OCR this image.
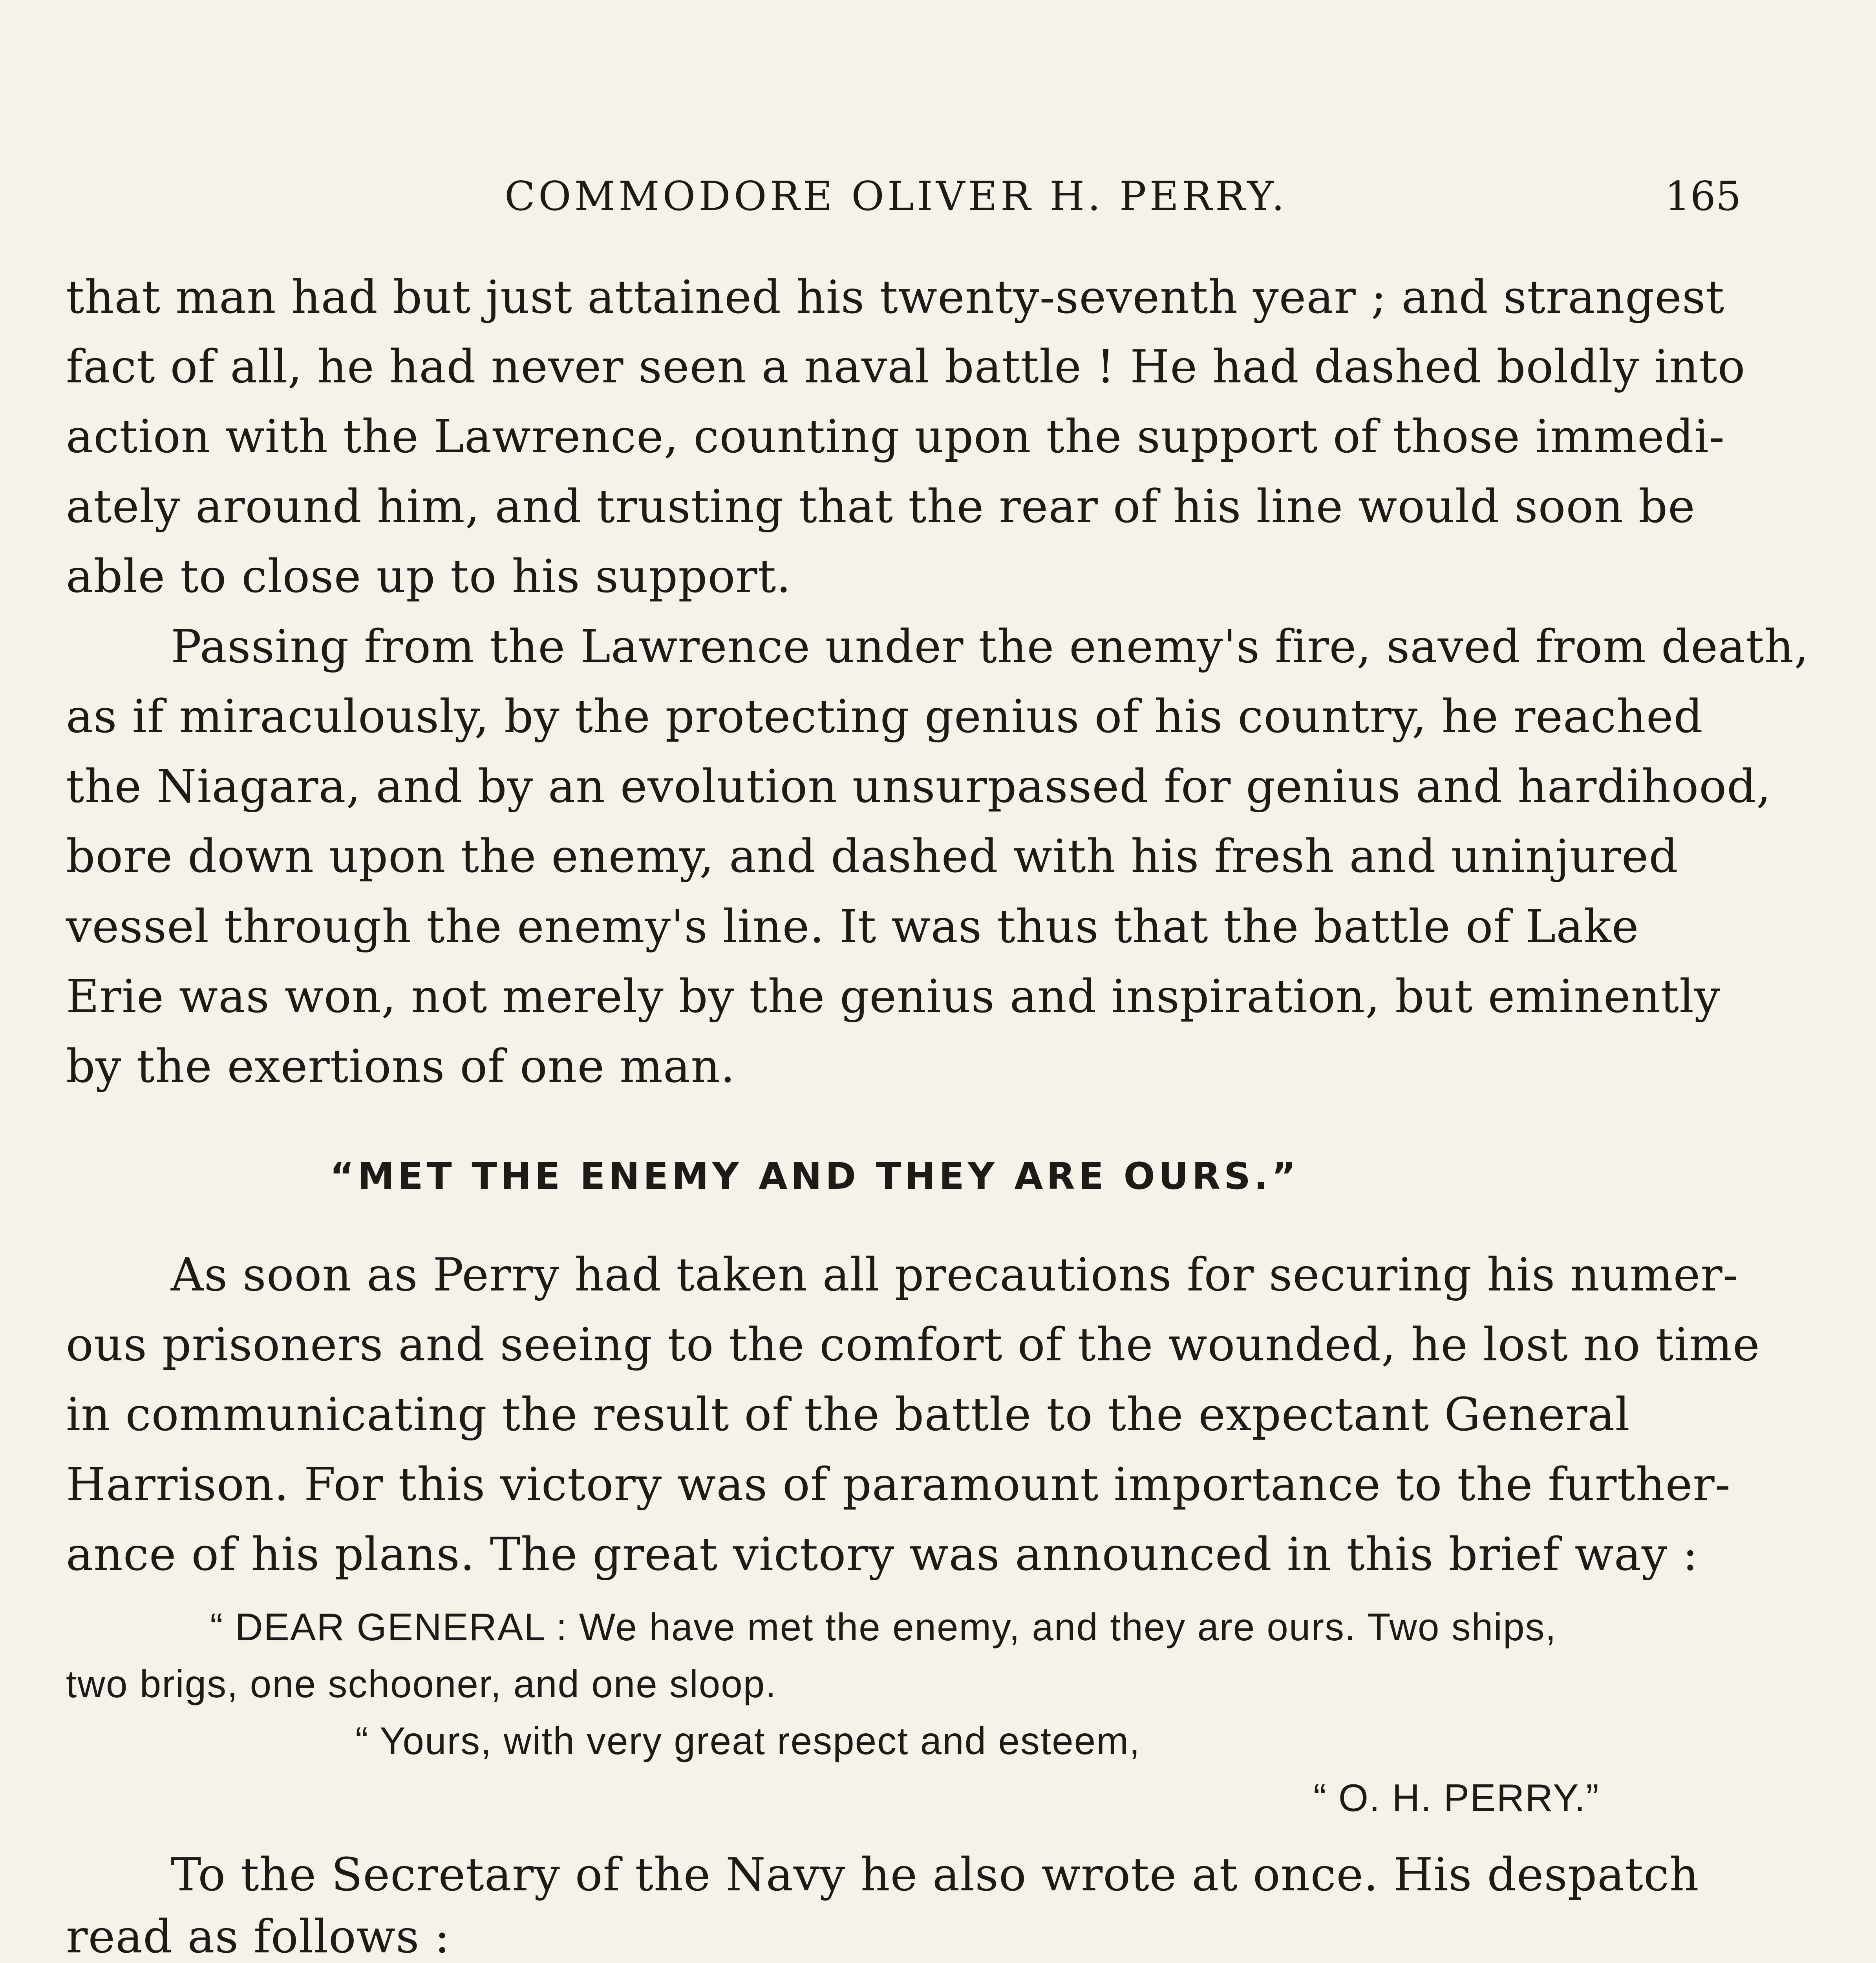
COMMODORE OLIVER H. PERRY.	165
that man had but just attained his twenty-seventh year ; and strangest
fact of all, he had never seen a naval battle ! He had dashed boldly into
action with the Lawrence, counting upon the support of those immedi-
ately around him, and trusting that the rear of his line would soon be
able to close up to his support.
Passing from the Lawrence under the enemy's fire, saved from death,
as if miraculously, by the protecting genius of his country, he reached
the Niagara, and by an evolution unsurpassed for genius and hardihood,
bore down upon the enemy, and dashed with his fresh and uninjured
vessel through the enemy's line. It was thus that the battle of Lake
Erie was won, not merely by the genius and inspiration, but eminently
by the exertions of one man.
“MET THE ENEMY AND THEY ARE OURS.”
As soon as Perry had taken all precautions for securing his numer-
ous prisoners and seeing to the comfort of the wounded, he lost no time
in communicating the result of the battle to the expectant General
Harrison. For this victory was of paramount importance to the further-
ance of his plans. The great victory was announced in this brief way :
“ DEAR GENERAL : We have met the enemy, and they are ours. Two ships,
two brigs, one schooner, and one sloop.
“ Yours, with very great respect and esteem,
“ O. H. PERRY.”
To the Secretary of the Navy he also wrote at once. His despatch
read as follows :
